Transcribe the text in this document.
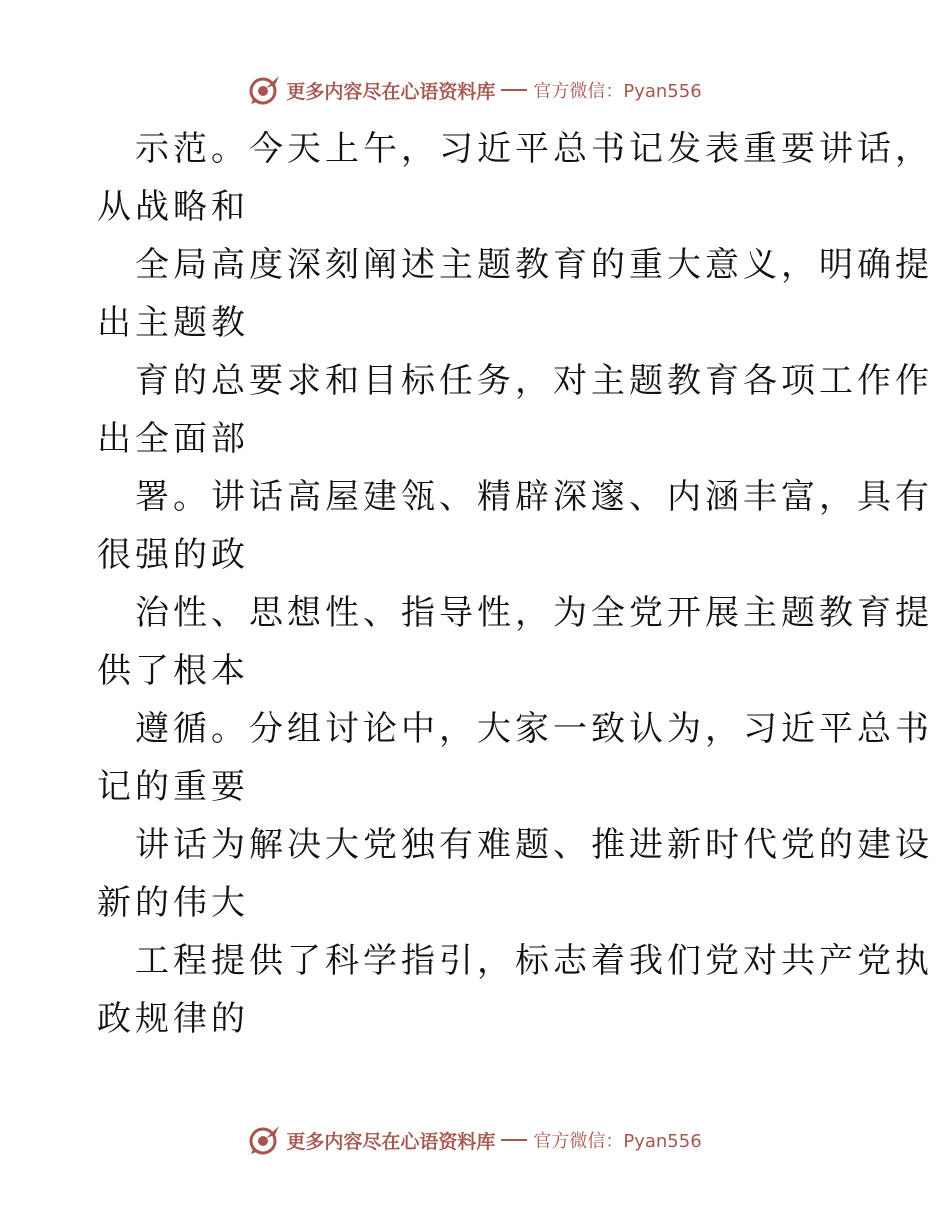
更多内容尽在心语资料库 官方微信：Pyan556
示范。今天上午，习近平总书记发表重要讲话，
从战略和
全局高度深刻阐述主题教育的重大意义，明确提
出主题教
育的总要求和目标任务，对主题教育各项工作作
出全面部
署。讲话高屋建瓴、精辟深邃、内涵丰富，具有
很强的政
治性、思想性、指导性，为全党开展主题教育提
供了根本
遵循。分组讨论中，大家一致认为，习近平总书
记的重要
讲话为解决大党独有难题、推进新时代党的建设
新的伟大
工程提供了科学指引，标志着我们党对共产党执
政规律的
更多内容尽在心语资料库 官方微信：Pyan556
